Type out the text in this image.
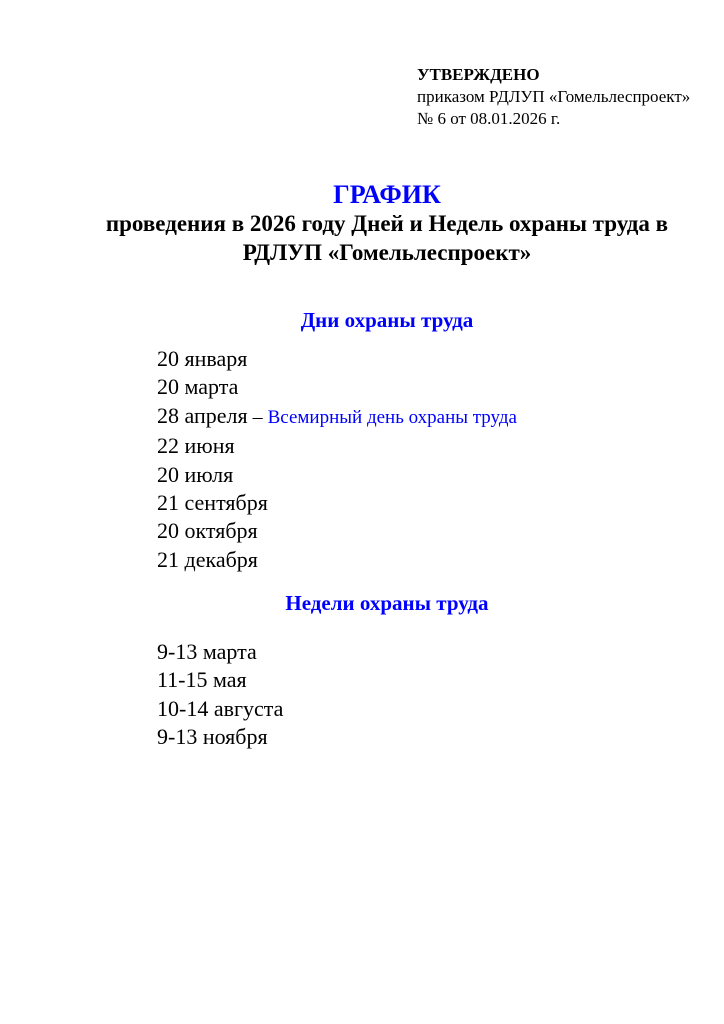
УТВЕРЖДЕНО
приказом РДЛУП «Гомельлеспроект»
№ 6 от 08.01.2026 г.
ГРАФИК
проведения в 2026 году Дней и Недель охраны труда в
РДЛУП «Гомельлеспроект»
Дни охраны труда
20 января
20 марта
28 апреля – Всемирный день охраны труда
22 июня
20 июля
21 сентября
20 октября
21 декабря
Недели охраны труда
9-13 марта
11-15 мая
10-14 августа
9-13 ноября
